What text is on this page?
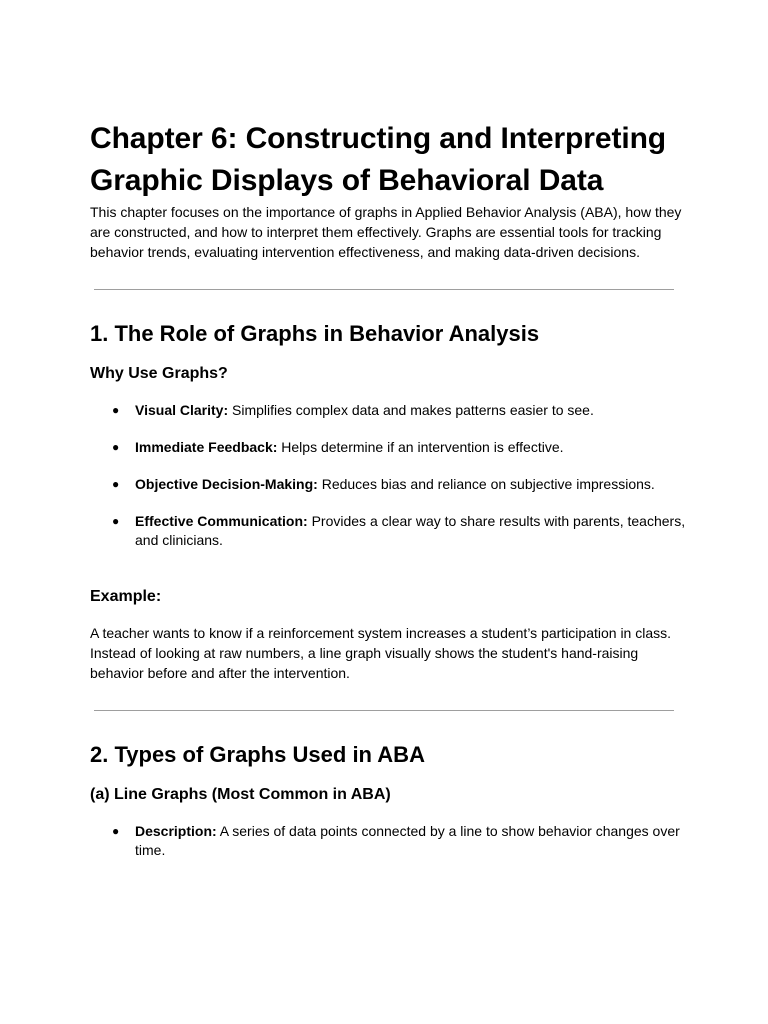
Chapter 6: Constructing and Interpreting Graphic Displays of Behavioral Data

This chapter focuses on the importance of graphs in Applied Behavior Analysis (ABA), how they are constructed, and how to interpret them effectively. Graphs are essential tools for tracking behavior trends, evaluating intervention effectiveness, and making data-driven decisions.

1. The Role of Graphs in Behavior Analysis
Why Use Graphs?
● Visual Clarity: Simplifies complex data and makes patterns easier to see.
● Immediate Feedback: Helps determine if an intervention is effective.
● Objective Decision-Making: Reduces bias and reliance on subjective impressions.
● Effective Communication: Provides a clear way to share results with parents, teachers, and clinicians.
Example:

A teacher wants to know if a reinforcement system increases a student’s participation in class. Instead of looking at raw numbers, a line graph visually shows the student's hand-raising behavior before and after the intervention.

2. Types of Graphs Used in ABA
(a) Line Graphs (Most Common in ABA)
● Description: A series of data points connected by a line to show behavior changes over time.
